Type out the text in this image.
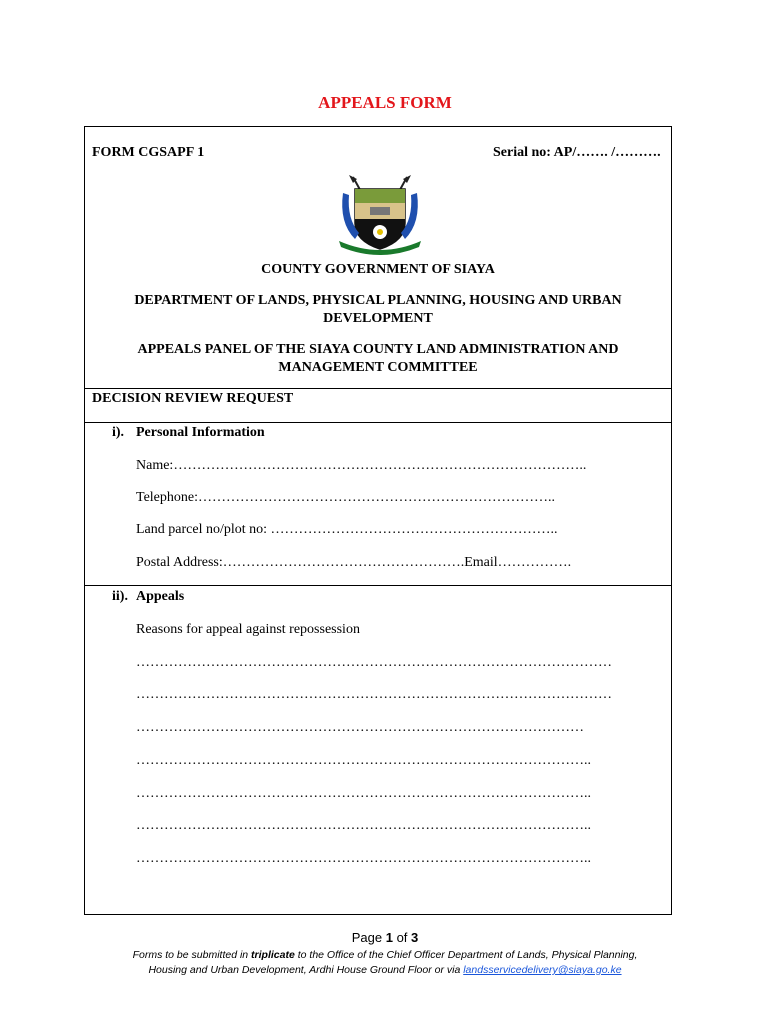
APPEALS FORM
FORM CGSAPF 1	Serial no: AP/……. /……….
COUNTY GOVERNMENT OF SIAYA
DEPARTMENT OF LANDS, PHYSICAL PLANNING, HOUSING AND URBAN
DEVELOPMENT
APPEALS PANEL OF THE SIAYA COUNTY LAND ADMINISTRATION AND
MANAGEMENT COMMITTEE
DECISION REVIEW REQUEST
i). Personal Information
Name:……………………………………………………………………………..
Telephone:…………………………………………………………………..
Land parcel no/plot no: ……………………………………………………..
Postal Address:…………………………………………….Email…………….
ii). Appeals
Reasons for appeal against repossession
…………………………………………………………………………………………
…………………………………………………………………………………………
……………………………………………………………………………………
……………………………………………………………………………………..
……………………………………………………………………………………..
……………………………………………………………………………………..
……………………………………………………………………………………..
Page 1 of 3
Forms to be submitted in triplicate to the Office of the Chief Officer Department of Lands, Physical Planning,
Housing and Urban Development, Ardhi House Ground Floor or via landsservicedelivery@siaya.go.ke
